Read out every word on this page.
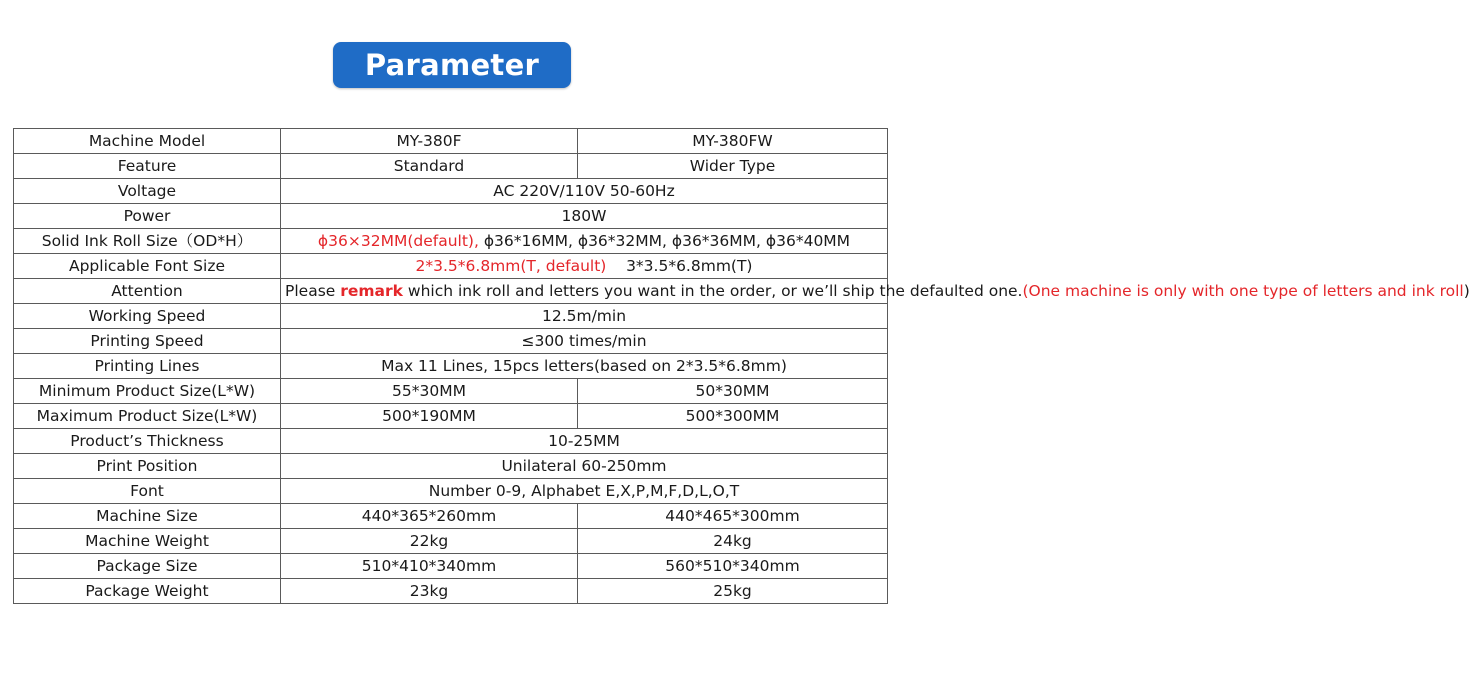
Parameter
Machine Model	MY-380F	MY-380FW
Feature	Standard	Wider Type
Voltage	AC 220V/110V 50-60Hz	
Power	180W	
Solid Ink Roll Size（OD*H）	ϕ36×32MM(default), ϕ36*16MM, ϕ36*32MM, ϕ36*36MM, ϕ36*40MM	
Applicable Font Size	2*3.5*6.8mm(T, default) 3*3.5*6.8mm(T)	
Attention	Please remark which ink roll and letters you want in the order, or we’ll ship the defaulted one.(One machine is only with one type of letters and ink roll)	
Working Speed	12.5m/min	
Printing Speed	≤300 times/min	
Printing Lines	Max 11 Lines, 15pcs letters(based on 2*3.5*6.8mm)	
Minimum Product Size(L*W)	55*30MM	50*30MM
Maximum Product Size(L*W)	500*190MM	500*300MM
Product’s Thickness	10-25MM	
Print Position	Unilateral 60-250mm	
Font	Number 0-9, Alphabet E,X,P,M,F,D,L,O,T	
Machine Size	440*365*260mm	440*465*300mm
Machine Weight	22kg	24kg
Package Size	510*410*340mm	560*510*340mm
Package Weight	23kg	25kg
